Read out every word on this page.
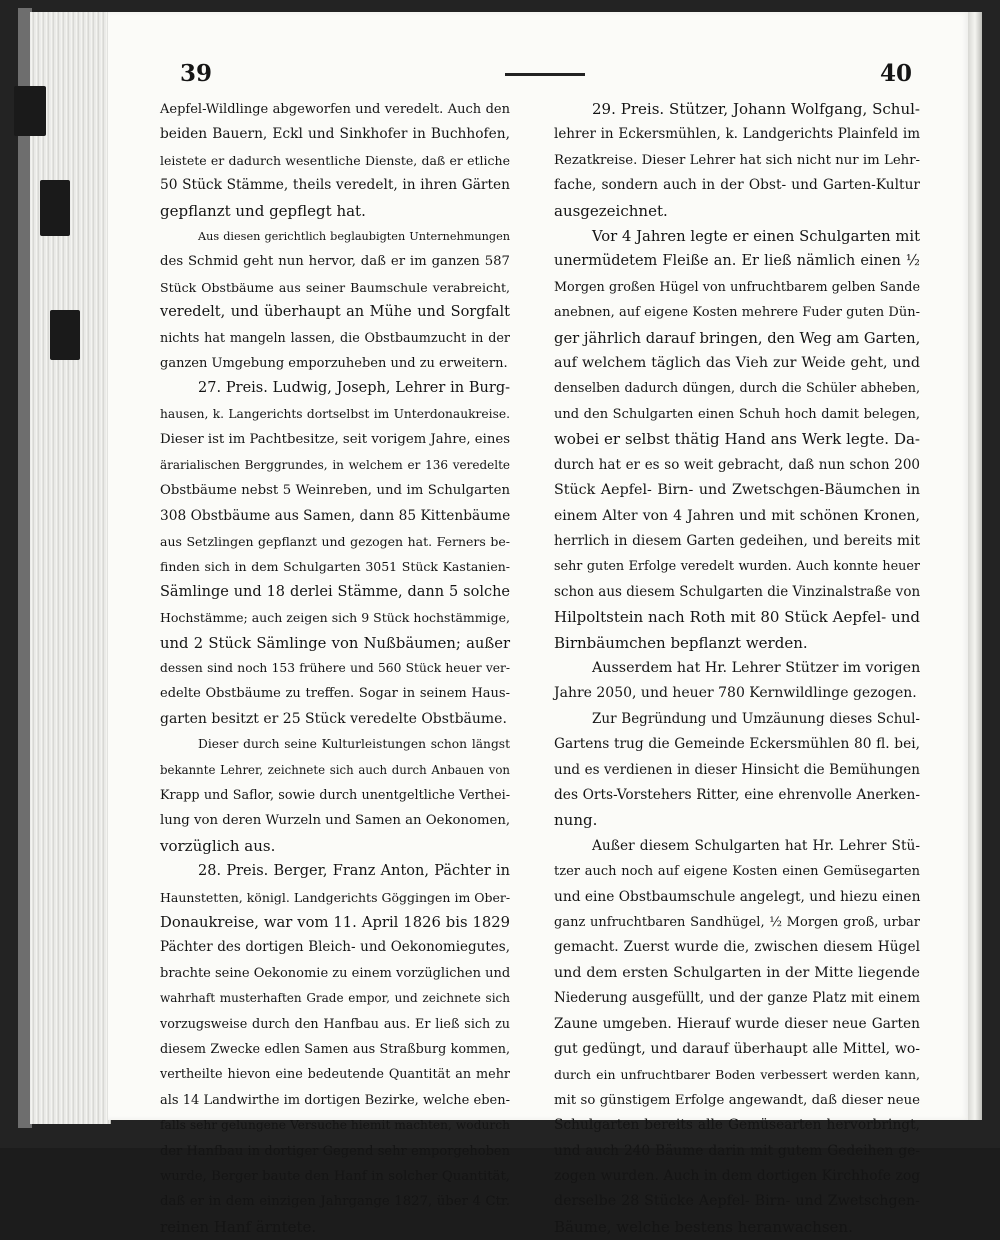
39	40
Aepfel-Wildlinge abgeworfen und veredelt. Auch den
beiden Bauern, Eckl und Sinkhofer in Buchhofen,
leistete er dadurch wesentliche Dienste, daß er etliche
50 Stück Stämme, theils veredelt, in ihren Gärten
gepflanzt und gepflegt hat.
Aus diesen gerichtlich beglaubigten Unternehmungen
des Schmid geht nun hervor, daß er im ganzen 587
Stück Obstbäume aus seiner Baumschule verabreicht,
veredelt, und überhaupt an Mühe und Sorgfalt
nichts hat mangeln lassen, die Obstbaumzucht in der
ganzen Umgebung emporzuheben und zu erweitern.
27. Preis. Ludwig, Joseph, Lehrer in Burg-
hausen, k. Langerichts dortselbst im Unterdonaukreise.
Dieser ist im Pachtbesitze, seit vorigem Jahre, eines
ärarialischen Berggrundes, in welchem er 136 veredelte
Obstbäume nebst 5 Weinreben, und im Schulgarten
308 Obstbäume aus Samen, dann 85 Kittenbäume
aus Setzlingen gepflanzt und gezogen hat. Ferners be-
finden sich in dem Schulgarten 3051 Stück Kastanien-
Sämlinge und 18 derlei Stämme, dann 5 solche
Hochstämme; auch zeigen sich 9 Stück hochstämmige,
und 2 Stück Sämlinge von Nußbäumen; außer
dessen sind noch 153 frühere und 560 Stück heuer ver-
edelte Obstbäume zu treffen. Sogar in seinem Haus-
garten besitzt er 25 Stück veredelte Obstbäume.
Dieser durch seine Kulturleistungen schon längst
bekannte Lehrer, zeichnete sich auch durch Anbauen von
Krapp und Saflor, sowie durch unentgeltliche Verthei-
lung von deren Wurzeln und Samen an Oekonomen,
vorzüglich aus.
28. Preis. Berger, Franz Anton, Pächter in
Haunstetten, königl. Landgerichts Göggingen im Ober-
Donaukreise, war vom 11. April 1826 bis 1829
Pächter des dortigen Bleich- und Oekonomiegutes,
brachte seine Oekonomie zu einem vorzüglichen und
wahrhaft musterhaften Grade empor, und zeichnete sich
vorzugsweise durch den Hanfbau aus. Er ließ sich zu
diesem Zwecke edlen Samen aus Straßburg kommen,
vertheilte hievon eine bedeutende Quantität an mehr
als 14 Landwirthe im dortigen Bezirke, welche eben-
falls sehr gelungene Versuche hiemit machten, wodurch
der Hanfbau in dortiger Gegend sehr emporgehoben
wurde, Berger baute den Hanf in solcher Quantität,
daß er in dem einzigen Jahrgange 1827, über 4 Ctr.
reinen Hanf ärntete.
29. Preis. Stützer, Johann Wolfgang, Schul-
lehrer in Eckersmühlen, k. Landgerichts Plainfeld im
Rezatkreise. Dieser Lehrer hat sich nicht nur im Lehr-
fache, sondern auch in der Obst- und Garten-Kultur
ausgezeichnet.
Vor 4 Jahren legte er einen Schulgarten mit
unermüdetem Fleiße an. Er ließ nämlich einen ½
Morgen großen Hügel von unfruchtbarem gelben Sande
anebnen, auf eigene Kosten mehrere Fuder guten Dün-
ger jährlich darauf bringen, den Weg am Garten,
auf welchem täglich das Vieh zur Weide geht, und
denselben dadurch düngen, durch die Schüler abheben,
und den Schulgarten einen Schuh hoch damit belegen,
wobei er selbst thätig Hand ans Werk legte. Da-
durch hat er es so weit gebracht, daß nun schon 200
Stück Aepfel- Birn- und Zwetschgen-Bäumchen in
einem Alter von 4 Jahren und mit schönen Kronen,
herrlich in diesem Garten gedeihen, und bereits mit
sehr guten Erfolge veredelt wurden. Auch konnte heuer
schon aus diesem Schulgarten die Vinzinalstraße von
Hilpoltstein nach Roth mit 80 Stück Aepfel- und
Birnbäumchen bepflanzt werden.
Ausserdem hat Hr. Lehrer Stützer im vorigen
Jahre 2050, und heuer 780 Kernwildlinge gezogen.
Zur Begründung und Umzäunung dieses Schul-
Gartens trug die Gemeinde Eckersmühlen 80 fl. bei,
und es verdienen in dieser Hinsicht die Bemühungen
des Orts-Vorstehers Ritter, eine ehrenvolle Anerken-
nung.
Außer diesem Schulgarten hat Hr. Lehrer Stü-
tzer auch noch auf eigene Kosten einen Gemüsegarten
und eine Obstbaumschule angelegt, und hiezu einen
ganz unfruchtbaren Sandhügel, ½ Morgen groß, urbar
gemacht. Zuerst wurde die, zwischen diesem Hügel
und dem ersten Schulgarten in der Mitte liegende
Niederung ausgefüllt, und der ganze Platz mit einem
Zaune umgeben. Hierauf wurde dieser neue Garten
gut gedüngt, und darauf überhaupt alle Mittel, wo-
durch ein unfruchtbarer Boden verbessert werden kann,
mit so günstigem Erfolge angewandt, daß dieser neue
Schulgarten bereits alle Gemüsearten hervorbringt,
und auch 240 Bäume darin mit gutem Gedeihen ge-
zogen wurden. Auch in dem dortigen Kirchhofe zog
derselbe 28 Stücke Aepfel- Birn- und Zwetschgen-
Bäume, welche bestens heranwachsen.
